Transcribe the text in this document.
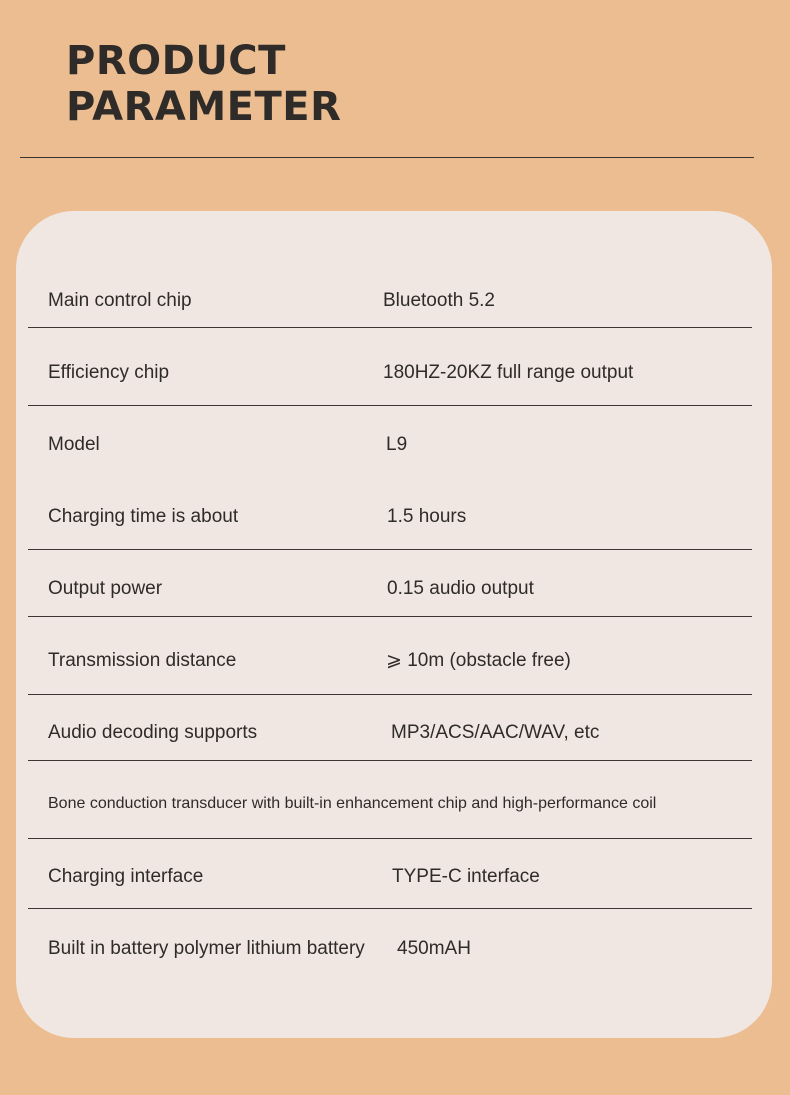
PRODUCT
PARAMETER
Main control chip	Bluetooth 5.2
Efficiency chip	180HZ-20KZ full range output
Model	L9
Charging time is about	1.5 hours
Output power	0.15 audio output
Transmission distance	⩾ 10m (obstacle free)
Audio decoding supports	MP3/ACS/AAC/WAV, etc
Bone conduction transducer with built-in enhancement chip and high-performance coil
Charging interface	TYPE-C interface
Built in battery polymer lithium battery 450mAH
